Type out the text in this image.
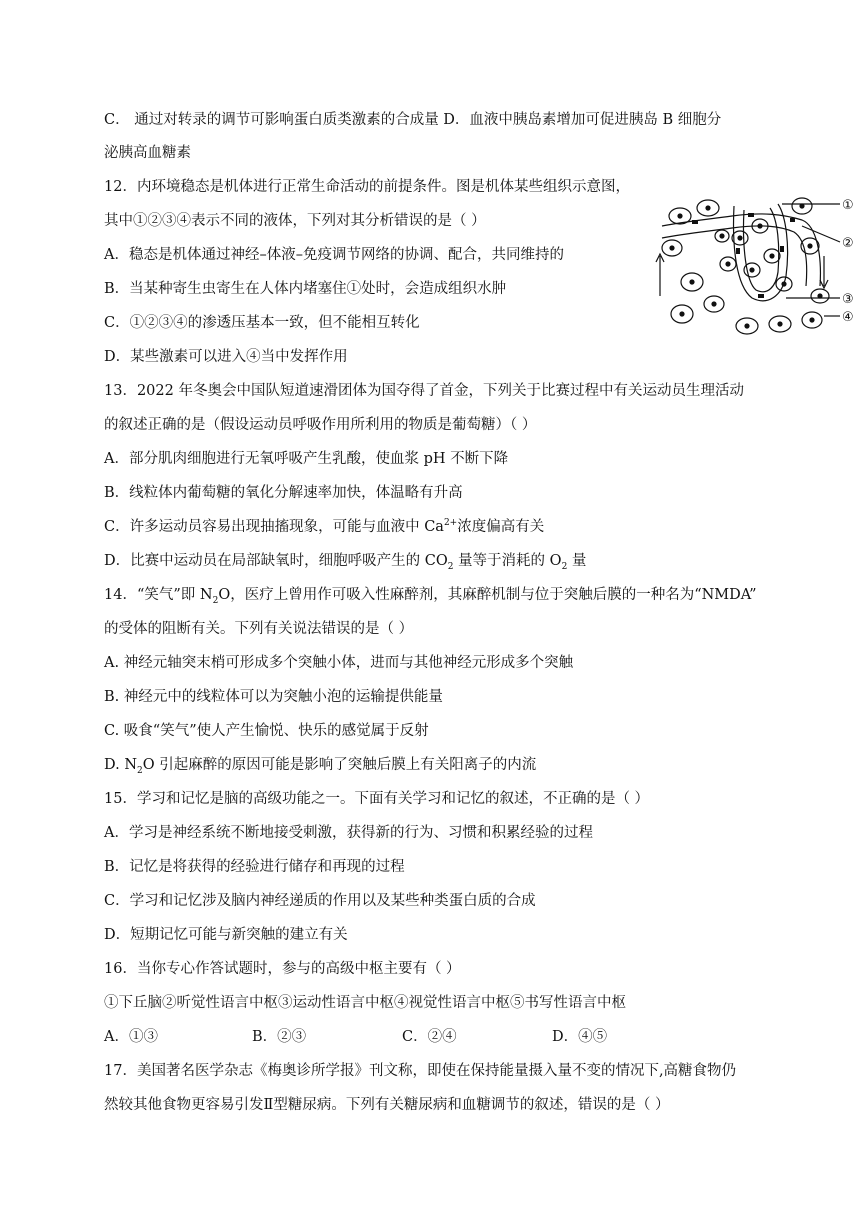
C． 通过对转录的调节可影响蛋白质类激素的合成量 D．血液中胰岛素增加可促进胰岛 B 细胞分
泌胰高血糖素
12．内环境稳态是机体进行正常生命活动的前提条件。图是机体某些组织示意图，
其中①②③④表示不同的液体，下列对其分析错误的是（ ）
A．稳态是机体通过神经–体液–免疫调节网络的协调、配合，共同维持的
B．当某种寄生虫寄生在人体内堵塞住①处时，会造成组织水肿
C．①②③④的渗透压基本一致，但不能相互转化
D．某些激素可以进入④当中发挥作用
①
②
③
④
13．2022 年冬奥会中国队短道速滑团体为国夺得了首金，下列关于比赛过程中有关运动员生理活动
的叙述正确的是（假设运动员呼吸作用所利用的物质是葡萄糖）（ ）
A．部分肌肉细胞进行无氧呼吸产生乳酸，使血浆 pH 不断下降
B．线粒体内葡萄糖的氧化分解速率加快，体温略有升高
C．许多运动员容易出现抽搐现象，可能与血液中 $Ca^{2+}$浓度偏高有关
D．比赛中运动员在局部缺氧时，细胞呼吸产生的 $CO_2$ 量等于消耗的 $O_2$ 量
14．“笑气”即 $N_2O$，医疗上曾用作可吸入性麻醉剂，其麻醉机制与位于突触后膜的一种名为“NMDA”
的受体的阻断有关。下列有关说法错误的是（ ）
A. 神经元轴突末梢可形成多个突触小体，进而与其他神经元形成多个突触
B. 神经元中的线粒体可以为突触小泡的运输提供能量
C. 吸食“笑气”使人产生愉悦、快乐的感觉属于反射
D. $N_2O$ 引起麻醉的原因可能是影响了突触后膜上有关阳离子的内流
15．学习和记忆是脑的高级功能之一。下面有关学习和记忆的叙述，不正确的是（ ）
A．学习是神经系统不断地接受刺激，获得新的行为、习惯和积累经验的过程
B．记忆是将获得的经验进行储存和再现的过程
C．学习和记忆涉及脑内神经递质的作用以及某些种类蛋白质的合成
D．短期记忆可能与新突触的建立有关
16．当你专心作答试题时，参与的高级中枢主要有（ ）
①下丘脑②听觉性语言中枢③运动性语言中枢④视觉性语言中枢⑤书写性语言中枢
A．①③	B．②③	C．②④	D．④⑤
17．美国著名医学杂志《梅奥诊所学报》刊文称，即使在保持能量摄入量不变的情况下,高糖食物仍
然较其他食物更容易引发Ⅱ型糖尿病。下列有关糖尿病和血糖调节的叙述，错误的是（ ）
